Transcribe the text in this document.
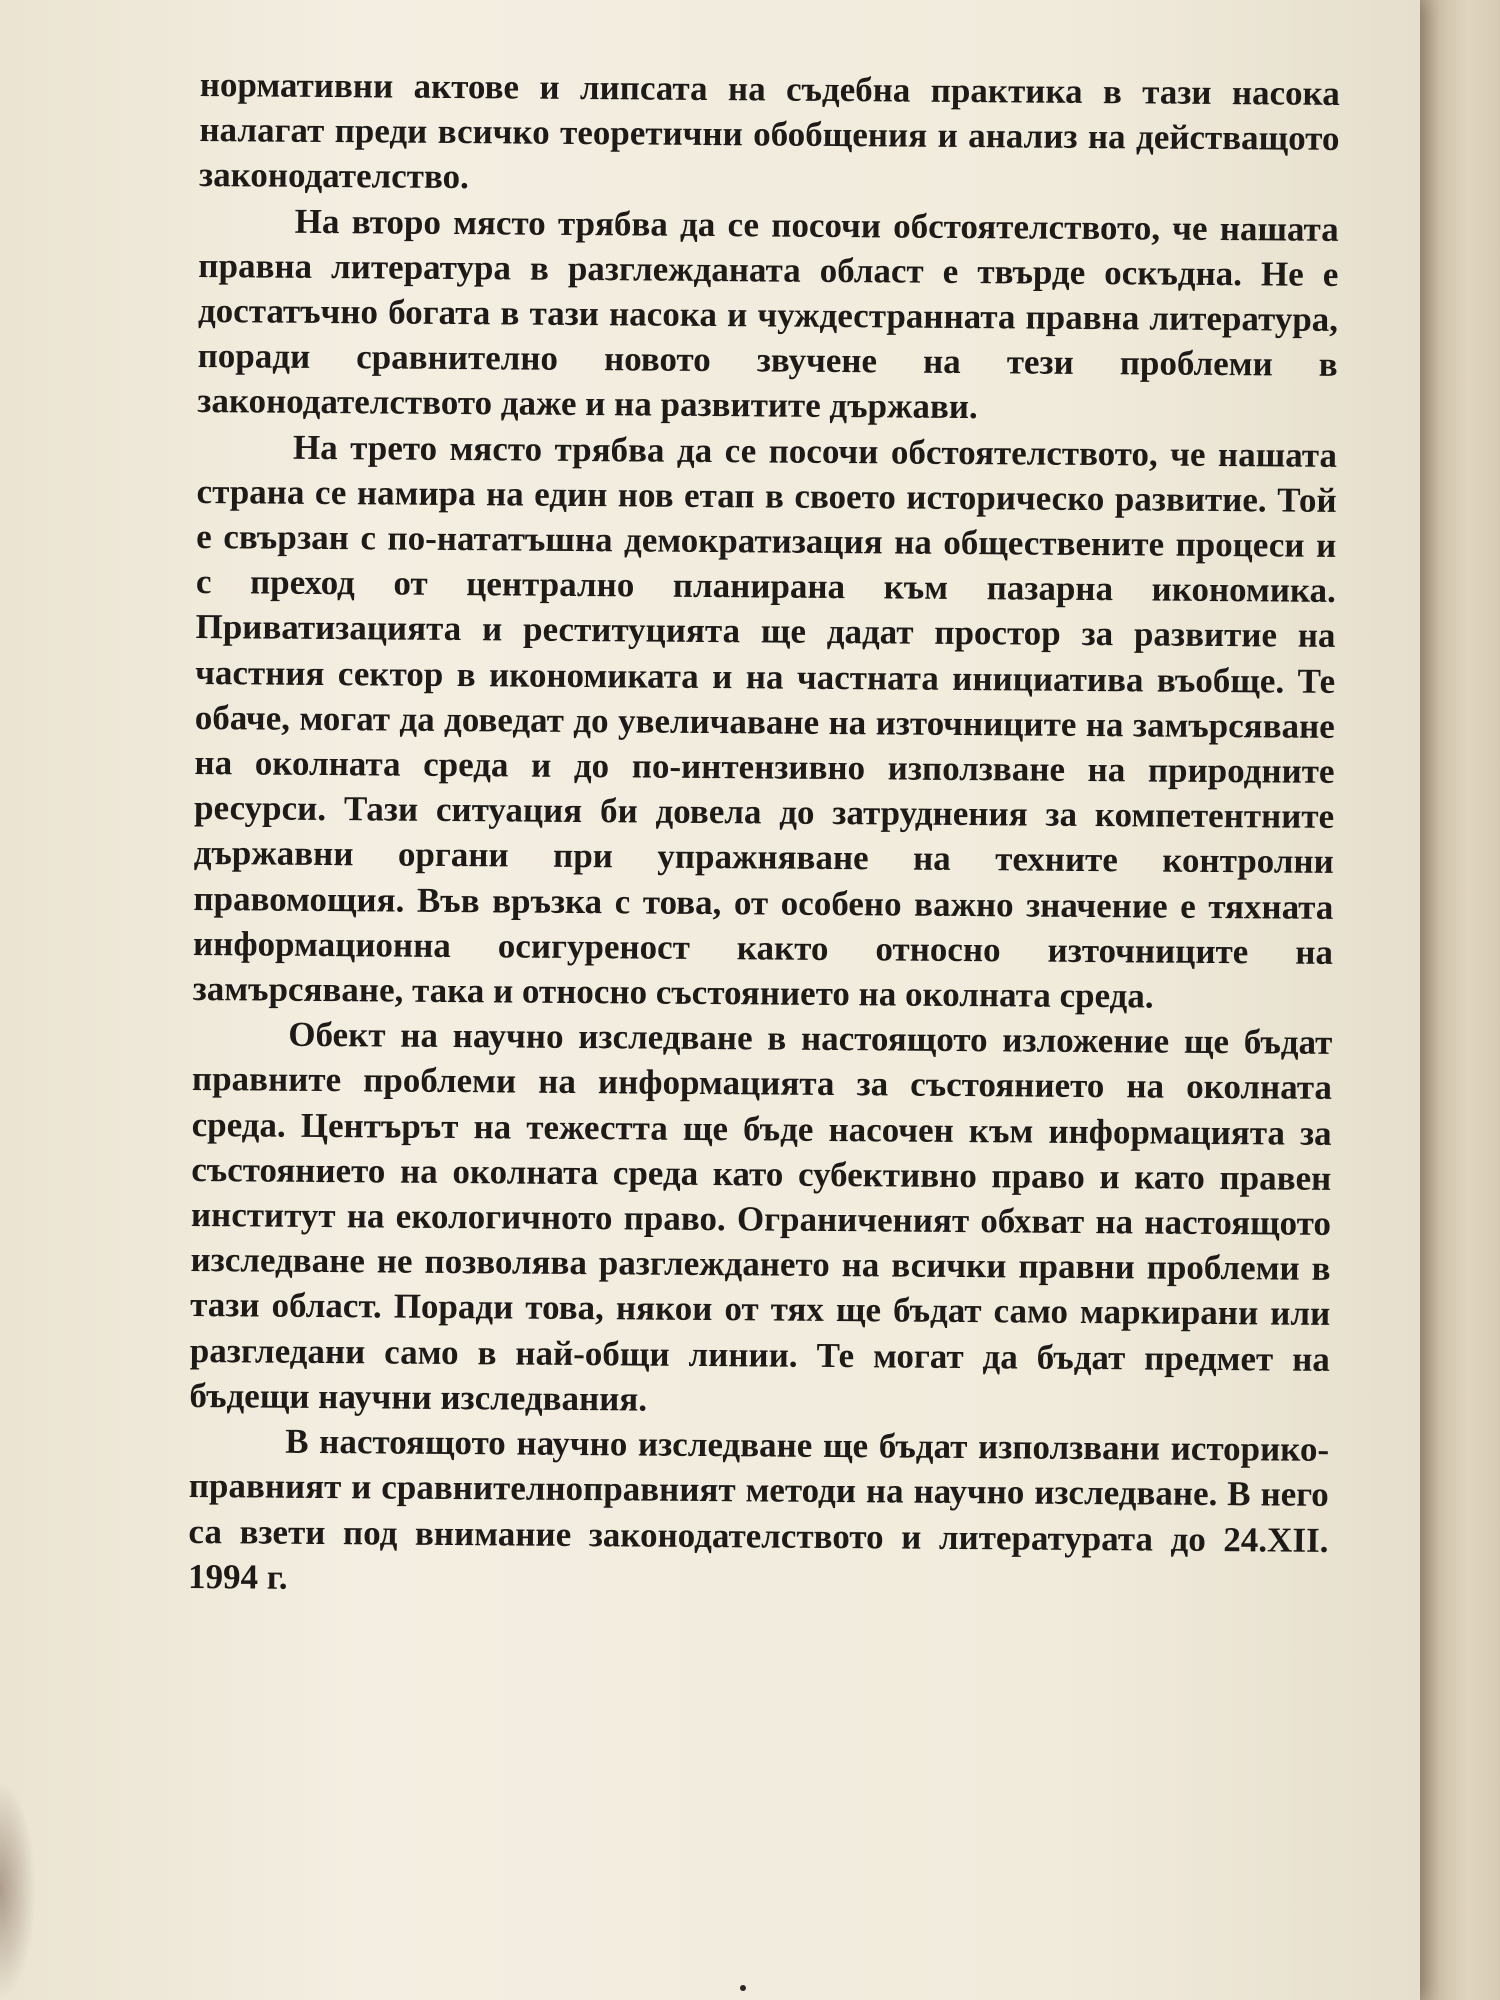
нормативни актове и липсата на съдебна практика в тази насока налагат преди всичко теоретични обобщения и анализ на действащото законодателство.

На второ място трябва да се посочи обстоятелството, че нашата правна литература в разглежданата област е твърде оскъдна. Не е достатъчно богата в тази насока и чуждестранната правна литература, поради сравнително новото звучене на тези проблеми в законодателството даже и на развитите държави.

На трето място трябва да се посочи обстоятелството, че нашата страна се намира на един нов етап в своето историческо развитие. Той е свързан с по-нататъшна демократизация на обществените процеси и с преход от централно планирана към пазарна икономика. Приватизацията и реституцията ще дадат простор за развитие на частния сектор в икономиката и на частната инициатива въобще. Те обаче, могат да доведат до увеличаване на източниците на замърсяване на околната среда и до по-интензивно използване на природните ресурси. Тази ситуация би довела до затруднения за компетентните държавни органи при упражняване на техните контролни правомощия. Във връзка с това, от особено важно значение е тяхната информационна осигуреност както относно източниците на замърсяване, така и относно състоянието на околната среда.

Обект на научно изследване в настоящото изложение ще бъдат правните проблеми на информацията за състоянието на околната среда. Центърът на тежестта ще бъде насочен към информацията за състоянието на околната среда като субективно право и като правен институт на екологичното право. Ограниченият обхват на настоящото изследване не позволява разглеждането на всички правни проблеми в тази област. Поради това, някои от тях ще бъдат само маркирани или разгледани само в най-общи линии. Те могат да бъдат предмет на бъдещи научни изследвания.

В настоящото научно изследване ще бъдат използвани историко-правният и сравнителноправният методи на научно изследване. В него са взети под внимание законодателството и литературата до 24.XII. 1994 г.
